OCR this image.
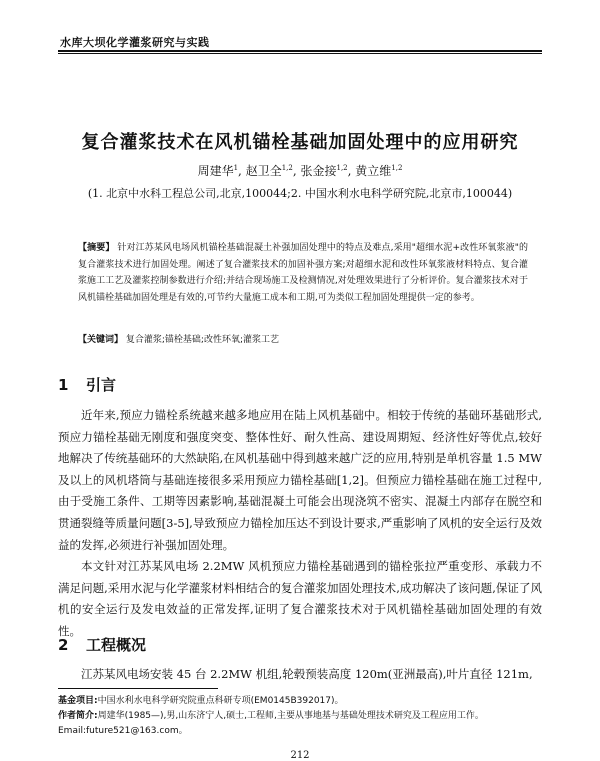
水库大坝化学灌浆研究与实践
复合灌浆技术在风机锚栓基础加固处理中的应用研究
周建华$^1$, 赵卫全$^{1,2}$, 张金接$^{1,2}$, 黄立维$^{1,2}$
(1. 北京中水科工程总公司,北京,100044;2. 中国水利水电科学研究院,北京市,100044)
【摘要】 针对江苏某风电场风机锚栓基础混凝土补强加固处理中的特点及难点,采用"超细水泥+改性环氧浆液"的复合灌浆技术进行加固处理。阐述了复合灌浆技术的加固补强方案;对超细水泥和改性环氧浆液材料特点、复合灌浆施工工艺及灌浆控制参数进行介绍;并结合现场施工及检测情况,对处理效果进行了分析评价。复合灌浆技术对于风机锚栓基础加固处理是有效的,可节约大量施工成本和工期,可为类似工程加固处理提供一定的参考。
【关键词】 复合灌浆;锚栓基础;改性环氧;灌浆工艺
1 引言

近年来,预应力锚栓系统越来越多地应用在陆上风机基础中。相较于传统的基础环基础形式,预应力锚栓基础无刚度和强度突变、整体性好、耐久性高、建设周期短、经济性好等优点,较好地解决了传统基础环的大然缺陷,在风机基础中得到越来越广泛的应用,特别是单机容量 1.5 MW 及以上的风机塔筒与基础连接很多采用预应力锚栓基础[1,2]。但预应力锚栓基础在施工过程中,由于受施工条件、工期等因素影响,基础混凝土可能会出现浇筑不密实、混凝土内部存在脱空和贯通裂缝等质量问题[3-5],导致预应力锚栓加压达不到设计要求,严重影响了风机的安全运行及效益的发挥,必须进行补强加固处理。

本文针对江苏某风电场 2.2MW 风机预应力锚栓基础遇到的锚栓张拉严重变形、承载力不满足问题,采用水泥与化学灌浆材料相结合的复合灌浆加固处理技术,成功解决了该问题,保证了风机的安全运行及发电效益的正常发挥,证明了复合灌浆技术对于风机锚栓基础加固处理的有效性。

2 工程概况

江苏某风电场安装 45 台 2.2MW 机组,轮毂预装高度 120m(亚洲最高),叶片直径 121m,

基金项目:中国水利水电科学研究院重点科研专项(EM0145B392017)。

作者简介:周建华(1985—),男,山东济宁人,硕士,工程师,主要从事地基与基础处理技术研究及工程应用工作。Email:future521@163.com。

212
